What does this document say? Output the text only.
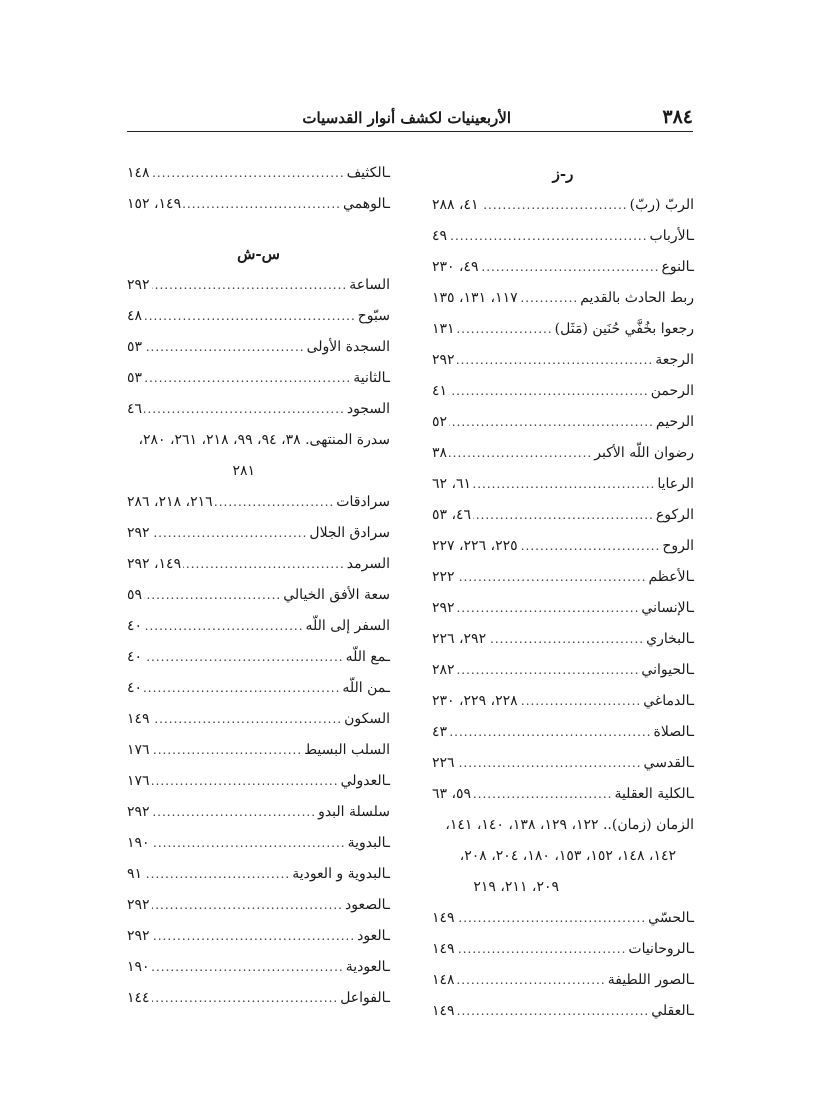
٣٨٤
الأربعينيات لكشف أنوار القدسيات
ر-ز
الربّ (ربّ)
.....
٤١، ٢٨٨
ـالأرباب
.....
٤٩
ـالنوع
.....
٤٩، ٢٣٠
ربط الحادث بالقديم
.....
١١٧، ١٣١، ١٣٥
رجعوا بخُفَّي حُنَين (مَثَل)
.....
١٣١
الرجعة
.....
٢٩٢
الرحمن
.....
٤١
الرحيم
.....
٥٢
رضوان اللّه الأكبر
.....
٣٨
الرعايا
.....
٦١، ٦٢
الركوع
.....
٤٦، ٥٣
الروح
.....
٢٢٥، ٢٢٦، ٢٢٧
ـالأعظم
.....
٢٢٢
ـالإنساني
.....
٢٩٢
ـالبخاري
.....
٢٩٢، ٢٢٦
ـالحيواني
.....
٢٨٢
ـالدماغي
.....
٢٢٨، ٢٢٩، ٢٣٠
ـالصلاة
.....
٤٣
ـالقدسي
.....
٢٢٦
ـالكلية العقلية
.....
٥٩، ٦٣
الزمان (زمان).. ١٢٢، ١٢٩، ١٣٨، ١٤٠، ١٤١،
١٤٢، ١٤٨، ١٥٢، ١٥٣، ١٨٠، ٢٠٤، ٢٠٨،
٢٠٩، ٢١١، ٢١٩
ـالحسّي
.....
١٤٩
ـالروحانيات
.....
١٤٩
ـالصور اللطيفة
.....
١٤٨
ـالعقلي
.....
١٤٩
ـالكثيف
.....
١٤٨
ـالوهمي
.....
١٤٩، ١٥٢
س-ش
الساعة
.....
٢٩٢
سبّوح
.....
٤٨
السجدة الأولى
.....
٥٣
ـالثانية
.....
٥٣
السجود
.....
٤٦
سدرة المنتهى. ٣٨، ٩٤، ٩٩، ٢١٨، ٢٦١، ٢٨٠،
٢٨١
سرادقات
.....
٢١٦، ٢١٨، ٢٨٦
سرادق الجلال
.....
٢٩٢
السرمد
.....
١٤٩، ٢٩٢
سعة الأفق الخيالي
.....
٥٩
السفر إلى اللّه
.....
٤٠
ـمع اللّه
.....
٤٠
ـمن اللّه
.....
٤٠
السكون
.....
١٤٩
السلب البسيط
.....
١٧٦
ـالعدولي
.....
١٧٦
سلسلة البدو
.....
٢٩٢
ـالبدوية
.....
١٩٠
ـالبدوية و العودية
.....
٩١
ـالصعود
.....
٢٩٢
ـالعود
.....
٢٩٢
ـالعودية
.....
١٩٠
ـالفواعل
.....
١٤٤
